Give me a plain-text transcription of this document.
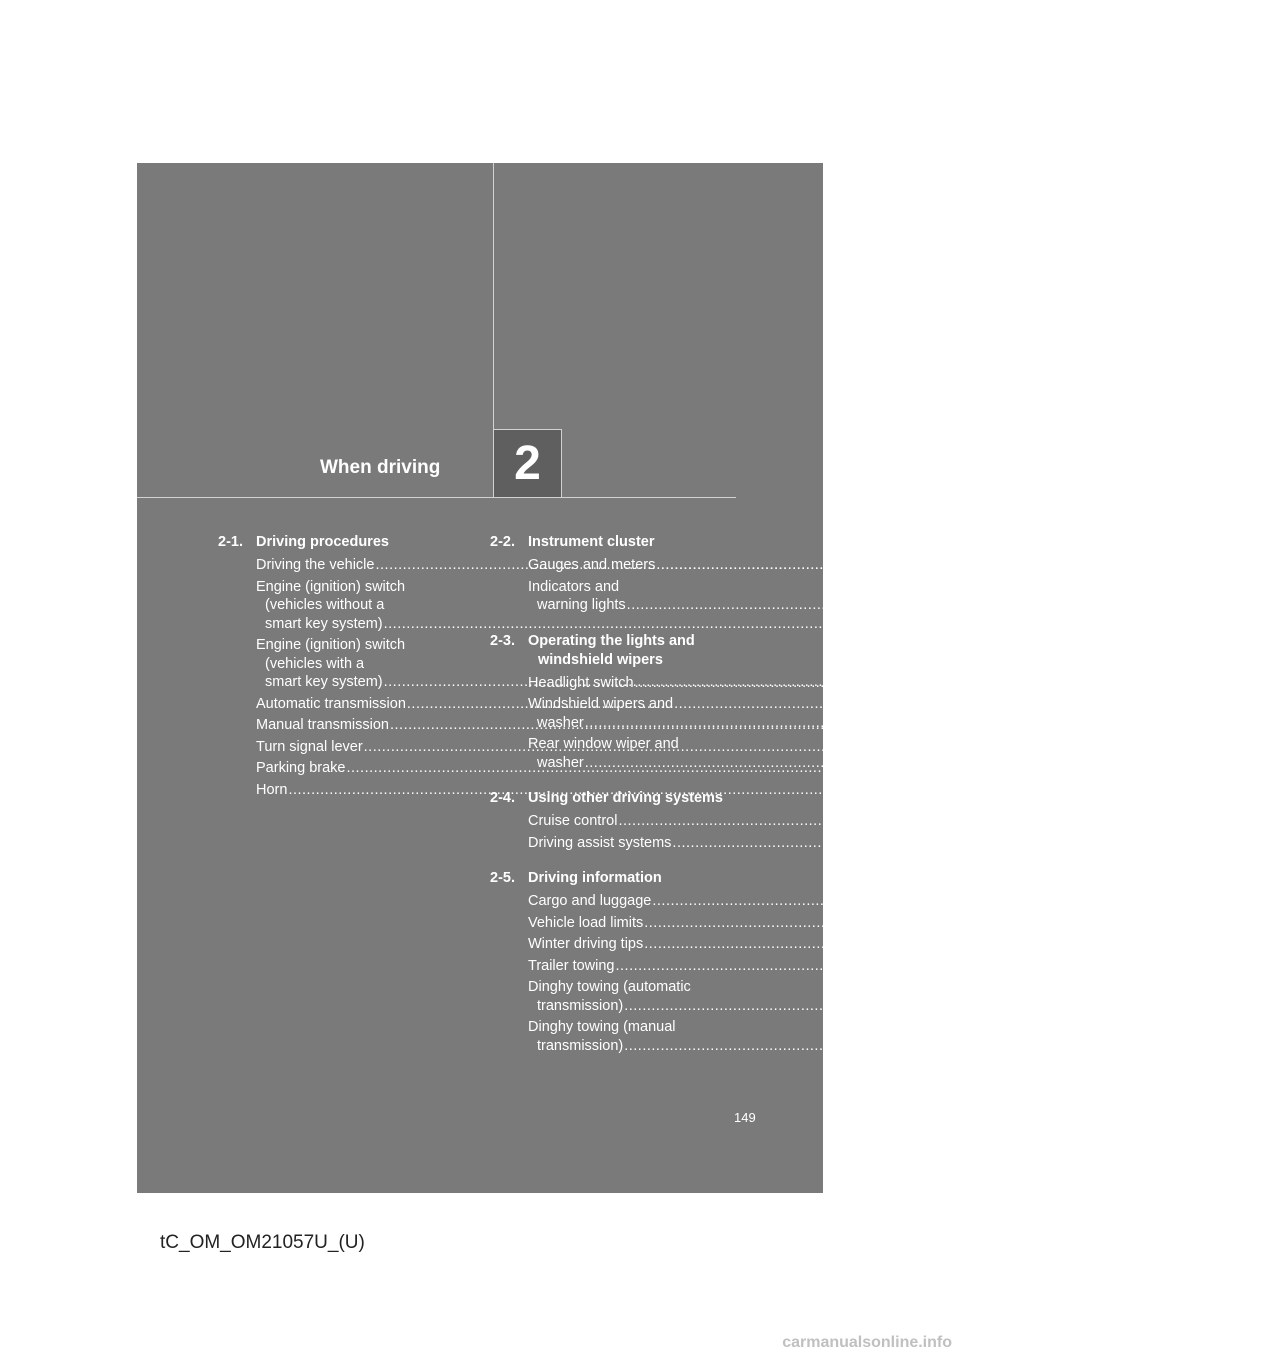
When driving 2
2-1. Driving procedures
Driving the vehicle .....	150
Engine (ignition) switch
(vehicles without a
smart key system) .....	165
Engine (ignition) switch
(vehicles with a
smart key system) .....	169
Automatic transmission .....	178
Manual transmission .....	185
Turn signal lever .....	187
Parking brake .....	188
Horn .....	189
2-2. Instrument cluster
Gauges and meters .....	190
Indicators and
warning lights .....	194
2-3. Operating the lights and
windshield wipers
Headlight switch .....	199
Windshield wipers and
washer .....	204
Rear window wiper and
washer .....	208
2-4. Using other driving systems
Cruise control .....	211
Driving assist systems .....	215
2-5. Driving information
Cargo and luggage .....	220
Vehicle load limits .....	225
Winter driving tips .....	226
Trailer towing .....	232
Dinghy towing (automatic
transmission) .....	233
Dinghy towing (manual
transmission) .....	234
149
tC_OM_OM21057U_(U)
carmanualsonline.info
